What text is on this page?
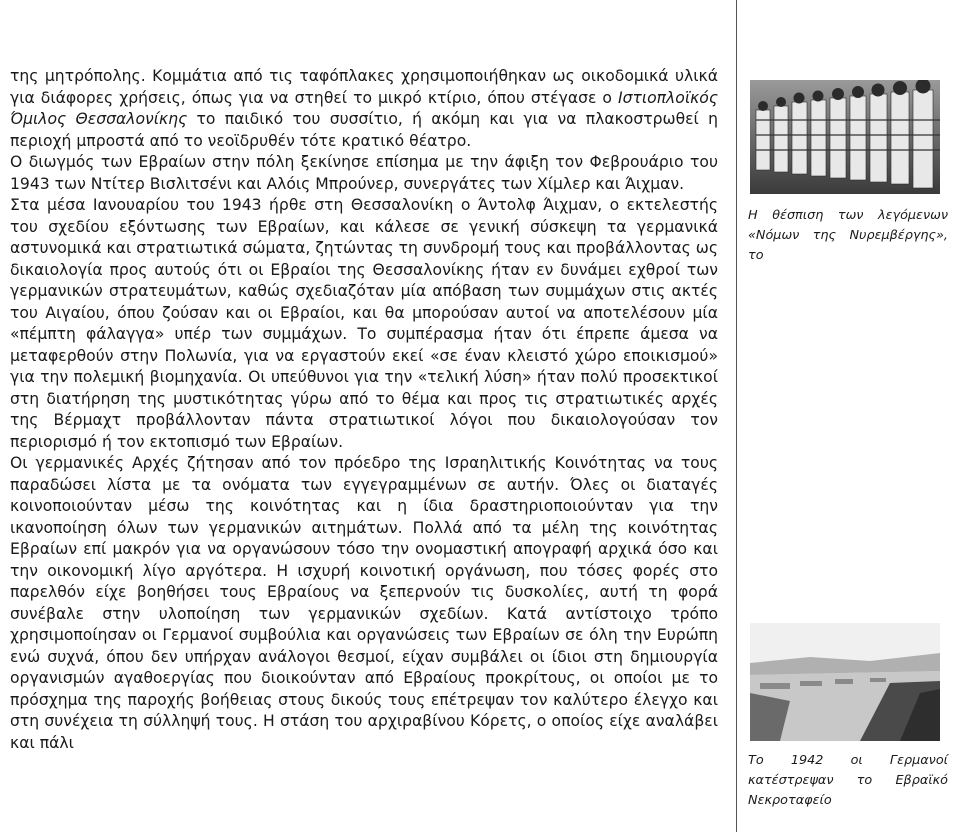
της μητρόπολης. Κομμάτια από τις ταφόπλακες χρησιμοποιήθηκαν ως οικοδομικά υλικά για διάφορες χρήσεις, όπως για να στηθεί το μικρό κτίριο, όπου στέγασε ο Ιστιοπλοϊκός Όμιλος Θεσσαλονίκης το παιδικό του συσσίτιο, ή ακόμη και για να πλακοστρωθεί η περιοχή μπροστά από το νεοϊδρυθέν τότε κρατικό θέατρο.

Ο διωγμός των Εβραίων στην πόλη ξεκίνησε επίσημα με την άφιξη τον Φεβρουάριο του 1943 των Ντίτερ Βισλιτσένι και Αλόις Μπρούνερ, συνεργάτες των Χίμλερ και Άιχμαν.

Στα μέσα Ιανουαρίου του 1943 ήρθε στη Θεσσαλονίκη ο Άντολφ Άιχμαν, ο εκτελεστής του σχεδίου εξόντωσης των Εβραίων, και κάλεσε σε γενική σύσκεψη τα γερμανικά αστυνομικά και στρατιωτικά σώματα, ζητώντας τη συνδρομή τους και προβάλλοντας ως δικαιολογία προς αυτούς ότι οι Εβραίοι της Θεσσαλονίκης ήταν εν δυνάμει εχθροί των γερμανικών στρατευμάτων, καθώς σχεδιαζόταν μία απόβαση των συμμάχων στις ακτές του Αιγαίου, όπου ζούσαν και οι Εβραίοι, και θα μπορούσαν αυτοί να αποτελέσουν μία «πέμπτη φάλαγγα» υπέρ των συμμάχων. Το συμπέρασμα ήταν ότι έπρεπε άμεσα να μεταφερθούν στην Πολωνία, για να εργαστούν εκεί «σε έναν κλειστό χώρο εποικισμού» για την πολεμική βιομηχανία. Οι υπεύθυνοι για την «τελική λύση» ήταν πολύ προσεκτικοί στη διατήρηση της μυστικότητας γύρω από το θέμα και προς τις στρατιωτικές αρχές της Βέρμαχτ προβάλλονταν πάντα στρατιωτικοί λόγοι που δικαιολογούσαν τον περιορισμό ή τον εκτοπισμό των Εβραίων.

Οι γερμανικές Αρχές ζήτησαν από τον πρόεδρο της Ισραηλιτικής Κοινότητας να τους παραδώσει λίστα με τα ονόματα των εγγεγραμμένων σε αυτήν. Όλες οι διαταγές κοινοποιούνταν μέσω της κοινότητας και η ίδια δραστηριοποιούνταν για την ικανοποίηση όλων των γερμανικών αιτημάτων. Πολλά από τα μέλη της κοινότητας Εβραίων επί μακρόν για να οργανώσουν τόσο την ονομαστική απογραφή αρχικά όσο και την οικονομική λίγο αργότερα. Η ισχυρή κοινοτική οργάνωση, που τόσες φορές στο παρελθόν είχε βοηθήσει τους Εβραίους να ξεπερνούν τις δυσκολίες, αυτή τη φορά συνέβαλε στην υλοποίηση των γερμανικών σχεδίων. Κατά αντίστοιχο τρόπο χρησιμοποίησαν οι Γερμανοί συμβούλια και οργανώσεις των Εβραίων σε όλη την Ευρώπη ενώ συχνά, όπου δεν υπήρχαν ανάλογοι θεσμοί, είχαν συμβάλει οι ίδιοι στη δημιουργία οργανισμών αγαθοεργίας που διοικούνταν από Εβραίους προκρίτους, οι οποίοι με το πρόσχημα της παροχής βοήθειας στους δικούς τους επέτρεψαν τον καλύτερο έλεγχο και στη συνέχεια τη σύλληψή τους. Η στάση του αρχιραβίνου Κόρετς, ο οποίος είχε αναλάβει και πάλι

Η θέσπιση των λεγόμενων «Νόμων της Νυρεμβέργης», το
Το 1942 οι Γερμανοί κατέστρεψαν το Εβραϊκό Νεκροταφείο
